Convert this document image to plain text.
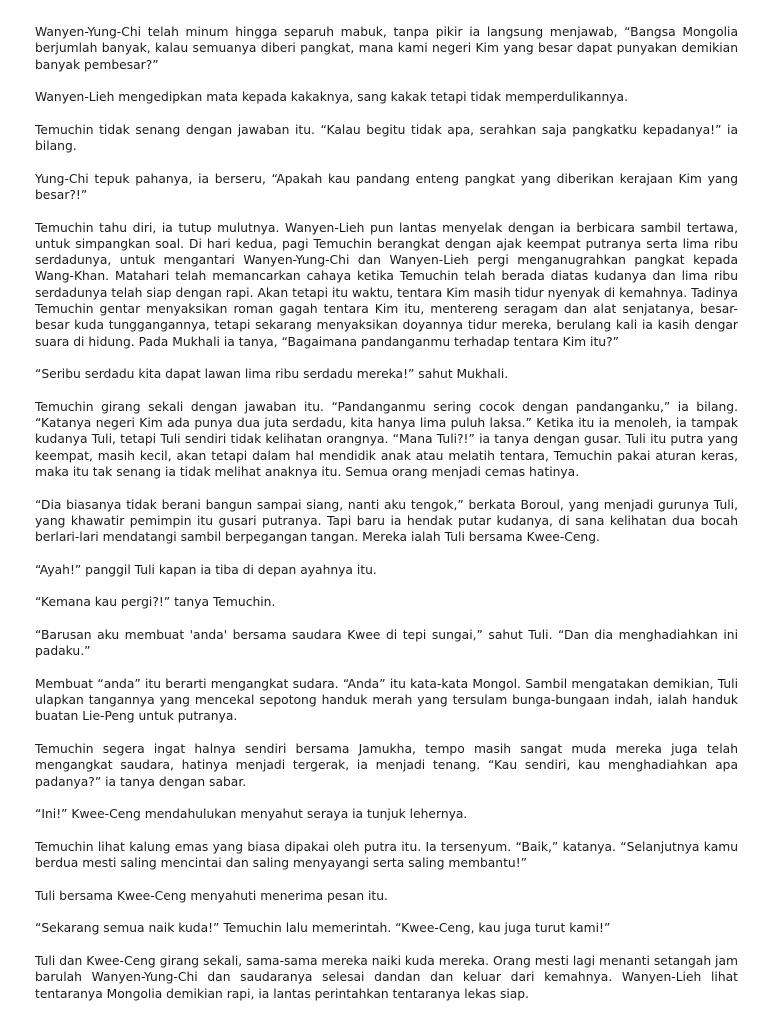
Wanyen-Yung-Chi telah minum hingga separuh mabuk, tanpa pikir ia langsung menjawab, “Bangsa Mongolia berjumlah banyak, kalau semuanya diberi pangkat, mana kami negeri Kim yang besar dapat punyakan demikian banyak pembesar?”

Wanyen-Lieh mengedipkan mata kepada kakaknya, sang kakak tetapi tidak memperdulikannya.

Temuchin tidak senang dengan jawaban itu. “Kalau begitu tidak apa, serahkan saja pangkatku kepadanya!” ia bilang.

Yung-Chi tepuk pahanya, ia berseru, “Apakah kau pandang enteng pangkat yang diberikan kerajaan Kim yang besar?!”

Temuchin tahu diri, ia tutup mulutnya. Wanyen-Lieh pun lantas menyelak dengan ia berbicara sambil tertawa, untuk simpangkan soal. Di hari kedua, pagi Temuchin berangkat dengan ajak keempat putranya serta lima ribu serdadunya, untuk mengantari Wanyen-Yung-Chi dan Wanyen-Lieh pergi menganugrahkan pangkat kepada Wang-Khan. Matahari telah memancarkan cahaya ketika Temuchin telah berada diatas kudanya dan lima ribu serdadunya telah siap dengan rapi. Akan tetapi itu waktu, tentara Kim masih tidur nyenyak di kemahnya. Tadinya Temuchin gentar menyaksikan roman gagah tentara Kim itu, mentereng seragam dan alat senjatanya, besar-besar kuda tunggangannya, tetapi sekarang menyaksikan doyannya tidur mereka, berulang kali ia kasih dengar suara di hidung. Pada Mukhali ia tanya, “Bagaimana pandanganmu terhadap tentara Kim itu?”

“Seribu serdadu kita dapat lawan lima ribu serdadu mereka!” sahut Mukhali.

Temuchin girang sekali dengan jawaban itu. “Pandanganmu sering cocok dengan pandanganku,” ia bilang. “Katanya negeri Kim ada punya dua juta serdadu, kita hanya lima puluh laksa.” Ketika itu ia menoleh, ia tampak kudanya Tuli, tetapi Tuli sendiri tidak kelihatan orangnya. “Mana Tuli?!” ia tanya dengan gusar. Tuli itu putra yang keempat, masih kecil, akan tetapi dalam hal mendidik anak atau melatih tentara, Temuchin pakai aturan keras, maka itu tak senang ia tidak melihat anaknya itu. Semua orang menjadi cemas hatinya.

“Dia biasanya tidak berani bangun sampai siang, nanti aku tengok,” berkata Boroul, yang menjadi gurunya Tuli, yang khawatir pemimpin itu gusari putranya. Tapi baru ia hendak putar kudanya, di sana kelihatan dua bocah berlari-lari mendatangi sambil berpegangan tangan. Mereka ialah Tuli bersama Kwee-Ceng.

“Ayah!” panggil Tuli kapan ia tiba di depan ayahnya itu.

“Kemana kau pergi?!” tanya Temuchin.

“Barusan aku membuat 'anda' bersama saudara Kwee di tepi sungai,” sahut Tuli. “Dan dia menghadiahkan ini padaku.”

Membuat “anda” itu berarti mengangkat sudara. “Anda” itu kata-kata Mongol. Sambil mengatakan demikian, Tuli ulapkan tangannya yang mencekal sepotong handuk merah yang tersulam bunga-bungaan indah, ialah handuk buatan Lie-Peng untuk putranya.

Temuchin segera ingat halnya sendiri bersama Jamukha, tempo masih sangat muda mereka juga telah mengangkat saudara, hatinya menjadi tergerak, ia menjadi tenang. “Kau sendiri, kau menghadiahkan apa padanya?” ia tanya dengan sabar.

“Ini!” Kwee-Ceng mendahulukan menyahut seraya ia tunjuk lehernya.

Temuchin lihat kalung emas yang biasa dipakai oleh putra itu. Ia tersenyum. “Baik,” katanya. “Selanjutnya kamu berdua mesti saling mencintai dan saling menyayangi serta saling membantu!”

Tuli bersama Kwee-Ceng menyahuti menerima pesan itu.

“Sekarang semua naik kuda!” Temuchin lalu memerintah. “Kwee-Ceng, kau juga turut kami!”

Tuli dan Kwee-Ceng girang sekali, sama-sama mereka naiki kuda mereka. Orang mesti lagi menanti setangah jam barulah Wanyen-Yung-Chi dan saudaranya selesai dandan dan keluar dari kemahnya. Wanyen-Lieh lihat tentaranya Mongolia demikian rapi, ia lantas perintahkan tentaranya lekas siap.
